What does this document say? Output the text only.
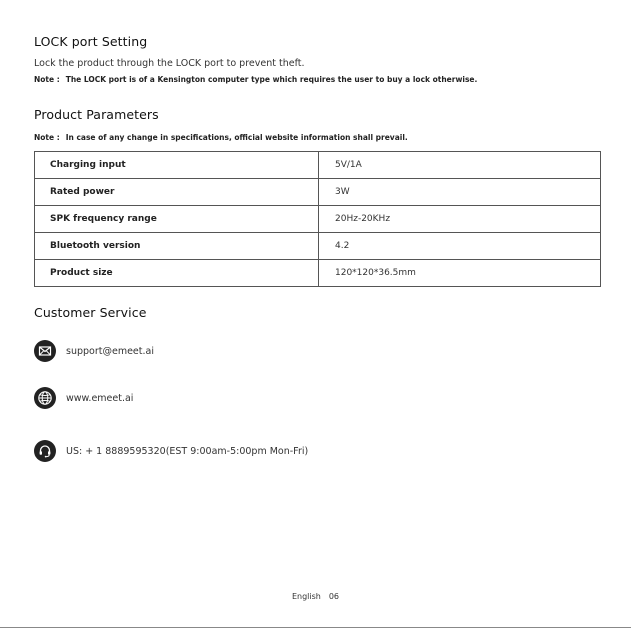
LOCK port Setting
Lock the product through the LOCK port to prevent theft.
Note : The LOCK port is of a Kensington computer type which requires the user to buy a lock otherwise.
Product Parameters
Note : In case of any change in specifications, official website information shall prevail.
Charging input	5V/1A
Rated power	3W
SPK frequency range	20Hz-20KHz
Bluetooth version	4.2
Product size	120*120*36.5mm
Customer Service
support@emeet.ai
www.emeet.ai
US: + 1 8889595320(EST 9:00am-5:00pm Mon-Fri)
English 06
